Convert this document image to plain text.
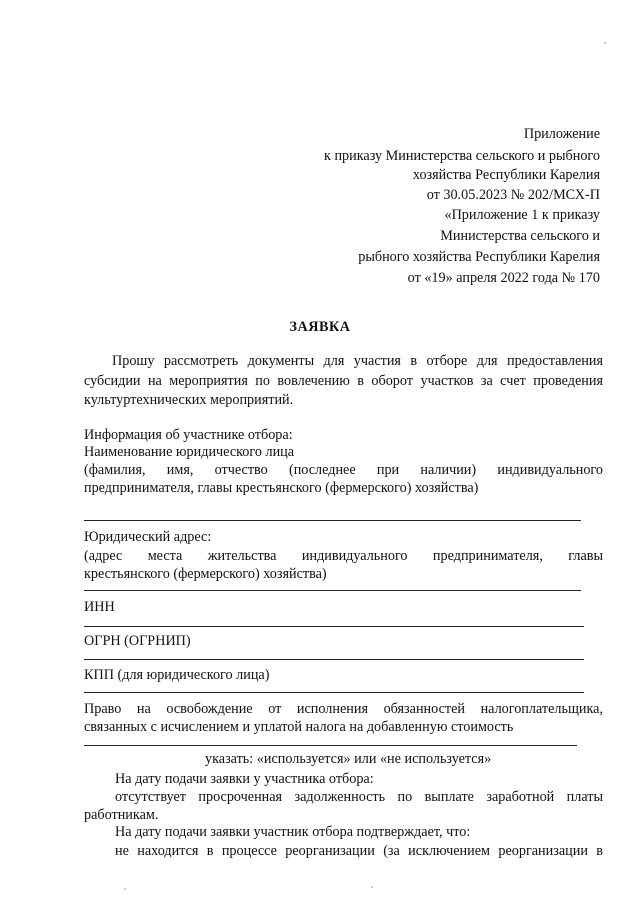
Приложение
к приказу Министерства сельского и рыбного
хозяйства Республики Карелия
от 30.05.2023 № 202/МСХ-П
«Приложение 1 к приказу
Министерства сельского и
рыбного хозяйства Республики Карелия
от «19» апреля 2022 года № 170
ЗАЯВКА
Прошу рассмотреть документы для участия в отборе для предоставления
субсидии на мероприятия по вовлечению в оборот участков за счет проведения
культуртехнических мероприятий.
Информация об участнике отбора:
Наименование юридического лица
(фамилия, имя, отчество (последнее при наличии) индивидуального
предпринимателя, главы крестьянского (фермерского) хозяйства)
Юридический адрес:
(адрес места жительства индивидуального предпринимателя, главы
крестьянского (фермерского) хозяйства)
ИНН
ОГРН (ОГРНИП)
КПП (для юридического лица)
Право на освобождение от исполнения обязанностей налогоплательщика,
связанных с исчислением и уплатой налога на добавленную стоимость
указать: «используется» или «не используется»
На дату подачи заявки у участника отбора:
отсутствует просроченная задолженность по выплате заработной платы
работникам.
На дату подачи заявки участник отбора подтверждает, что:
не находится в процессе реорганизации (за исключением реорганизации в
